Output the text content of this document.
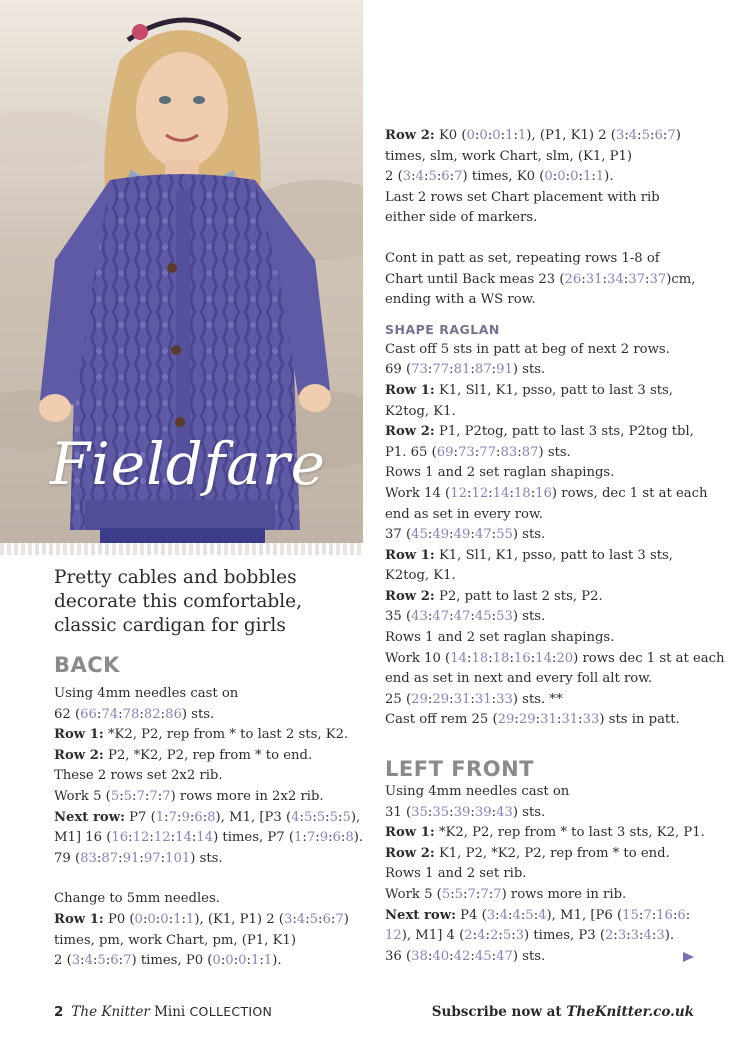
Fieldfare
Pretty cables and bobbles
decorate this comfortable,
classic cardigan for girls
BACK
Using 4mm needles cast on
62 (66:74:78:82:86) sts.
Row 1: *K2, P2, rep from * to last 2 sts, K2.
Row 2: P2, *K2, P2, rep from * to end.
These 2 rows set 2x2 rib.
Work 5 (5:5:7:7:7) rows more in 2x2 rib.
Next row: P7 (1:7:9:6:8), M1, [P3 (4:5:5:5:5),
M1] 16 (16:12:12:14:14) times, P7 (1:7:9:6:8).
79 (83:87:91:97:101) sts.
Change to 5mm needles.
Row 1: P0 (0:0:0:1:1), (K1, P1) 2 (3:4:5:6:7)
times, pm, work Chart, pm, (P1, K1)
2 (3:4:5:6:7) times, P0 (0:0:0:1:1).
Row 2: K0 (0:0:0:1:1), (P1, K1) 2 (3:4:5:6:7)
times, slm, work Chart, slm, (K1, P1)
2 (3:4:5:6:7) times, K0 (0:0:0:1:1).
Last 2 rows set Chart placement with rib
either side of markers.
Cont in patt as set, repeating rows 1-8 of
Chart until Back meas 23 (26:31:34:37:37)cm,
ending with a WS row.
SHAPE RAGLAN
Cast off 5 sts in patt at beg of next 2 rows.
69 (73:77:81:87:91) sts.
Row 1: K1, Sl1, K1, psso, patt to last 3 sts,
K2tog, K1.
Row 2: P1, P2tog, patt to last 3 sts, P2tog tbl,
P1. 65 (69:73:77:83:87) sts.
Rows 1 and 2 set raglan shapings.
Work 14 (12:12:14:18:16) rows, dec 1 st at each
end as set in every row.
37 (45:49:49:47:55) sts.
Row 1: K1, Sl1, K1, psso, patt to last 3 sts,
K2tog, K1.
Row 2: P2, patt to last 2 sts, P2.
35 (43:47:47:45:53) sts.
Rows 1 and 2 set raglan shapings.
Work 10 (14:18:18:16:14:20) rows dec 1 st at each
end as set in next and every foll alt row.
25 (29:29:31:31:33) sts. **
Cast off rem 25 (29:29:31:31:33) sts in patt.
LEFT FRONT
Using 4mm needles cast on
31 (35:35:39:39:43) sts.
Row 1: *K2, P2, rep from * to last 3 sts, K2, P1.
Row 2: K1, P2, *K2, P2, rep from * to end.
Rows 1 and 2 set rib.
Work 5 (5:5:7:7:7) rows more in rib.
Next row: P4 (3:4:4:5:4), M1, [P6 (15:7:16:6:
12), M1] 4 (2:4:2:5:3) times, P3 (2:3:3:4:3).
36 (38:40:42:45:47) sts.
2 The Knitter Mini COLLECTION	Subscribe now at TheKnitter.co.uk
